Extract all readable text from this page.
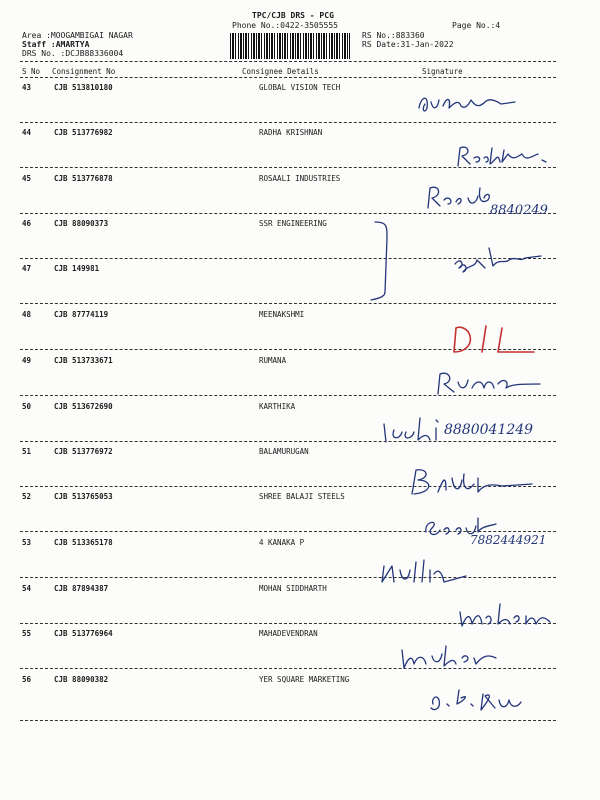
TPC/CJB DRS - PCG
Phone No.:0422-3505555	Page No.:4
Area :MOOGAMBIGAI NAGAR
Staff :AMARTYA
DRS No. :DCJB88336004
RS No.:883360
RS Date:31-Jan-2022
S No Consignment No	Consignee Details	Signature
43	CJB 513810180	GLOBAL VISION TECH
44	CJB 513776982	RADHA KRISHNAN
45	CJB 513776878	ROSAALI INDUSTRIES
46	CJB 88090373	SSR ENGINEERING
47	CJB 149981
48	CJB 87774119	MEENAKSHMI
49	CJB 513733671	RUMANA
50	CJB 513672690	KARTHIKA
51	CJB 513776972	BALAMURUGAN
52	CJB 513765053	SHREE BALAJI STEELS
53	CJB 513365178	4 KANAKA P
54	CJB 87894387	MOHAN SIDDHARTH
55	CJB 513776964	MAHADEVENDRAN
56	CJB 88090382	YER SQUARE MARKETING
8840249
8880041249
7882444921
